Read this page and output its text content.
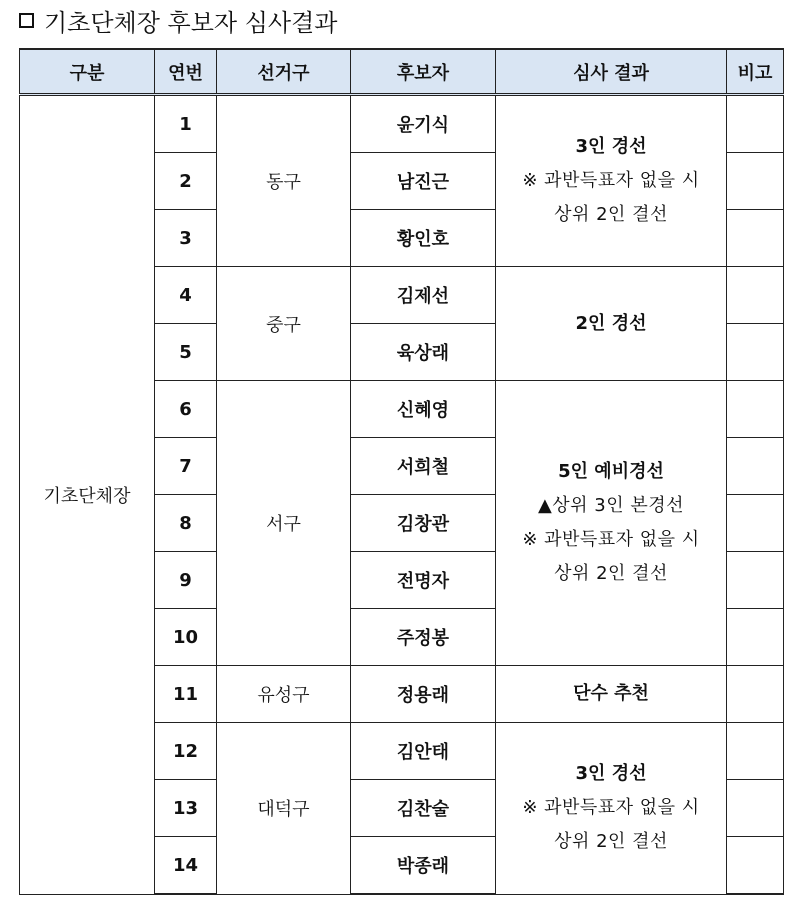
기초단체장 후보자 심사결과
구분	연번	선거구	후보자	심사 결과	비고
기초단체장	1	동구	윤기식	3인 경선
※ 과반득표자 없을 시
상위 2인 결선	

	2		남진근		
	3		황인호		
	4	중구	김제선	2인 경선	

	5		육상래		
	6	서구	신혜영	5인 예비경선
▲상위 3인 본경선
※ 과반득표자 없을 시
상위 2인 결선	

	7		서희철		
	8		김창관		
	9		전명자		
	10		주정봉		
	11	유성구	정용래	단수 추천	

	12	대덕구	김안태	3인 경선
※ 과반득표자 없을 시
상위 2인 결선	

	13		김찬술		
	14		박종래		
